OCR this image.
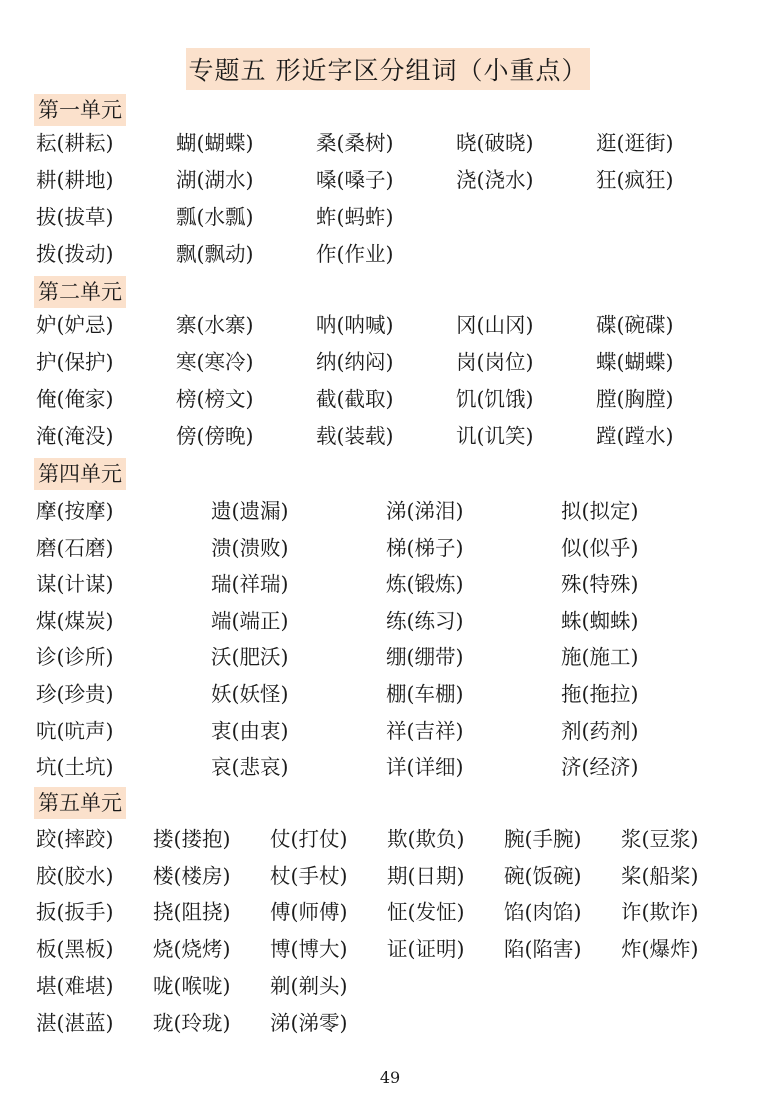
专题五 形近字区分组词（小重点）
第一单元
耘(耕耘)	蝴(蝴蝶)	桑(桑树)	晓(破晓)	逛(逛街)
耕(耕地)	湖(湖水)	嗓(嗓子)	浇(浇水)	狂(疯狂)
拔(拔草)	瓢(水瓢)	蚱(蚂蚱)
拨(拨动)	飘(飘动)	作(作业)
第二单元
妒(妒忌)	寨(水寨)	呐(呐喊)	冈(山冈)	碟(碗碟)
护(保护)	寒(寒冷)	纳(纳闷)	岗(岗位)	蝶(蝴蝶)
俺(俺家)	榜(榜文)	截(截取)	饥(饥饿)	膛(胸膛)
淹(淹没)	傍(傍晚)	载(装载)	讥(讥笑)	蹚(蹚水)
第四单元
摩(按摩)	遗(遗漏)	涕(涕泪)	拟(拟定)
磨(石磨)	溃(溃败)	梯(梯子)	似(似乎)
谋(计谋)	瑞(祥瑞)	炼(锻炼)	殊(特殊)
煤(煤炭)	端(端正)	练(练习)	蛛(蜘蛛)
诊(诊所)	沃(肥沃)	绷(绷带)	施(施工)
珍(珍贵)	妖(妖怪)	棚(车棚)	拖(拖拉)
吭(吭声)	衷(由衷)	祥(吉祥)	剂(药剂)
坑(土坑)	哀(悲哀)	详(详细)	济(经济)
第五单元
跤(摔跤)	搂(搂抱)	仗(打仗)	欺(欺负)	腕(手腕)	浆(豆浆)
胶(胶水)	楼(楼房)	杖(手杖)	期(日期)	碗(饭碗)	桨(船桨)
扳(扳手)	挠(阻挠)	傅(师傅)	怔(发怔)	馅(肉馅)	诈(欺诈)
板(黑板)	烧(烧烤)	博(博大)	证(证明)	陷(陷害)	炸(爆炸)
堪(难堪)	咙(喉咙)	剃(剃头)
湛(湛蓝)	珑(玲珑)	涕(涕零)
49
